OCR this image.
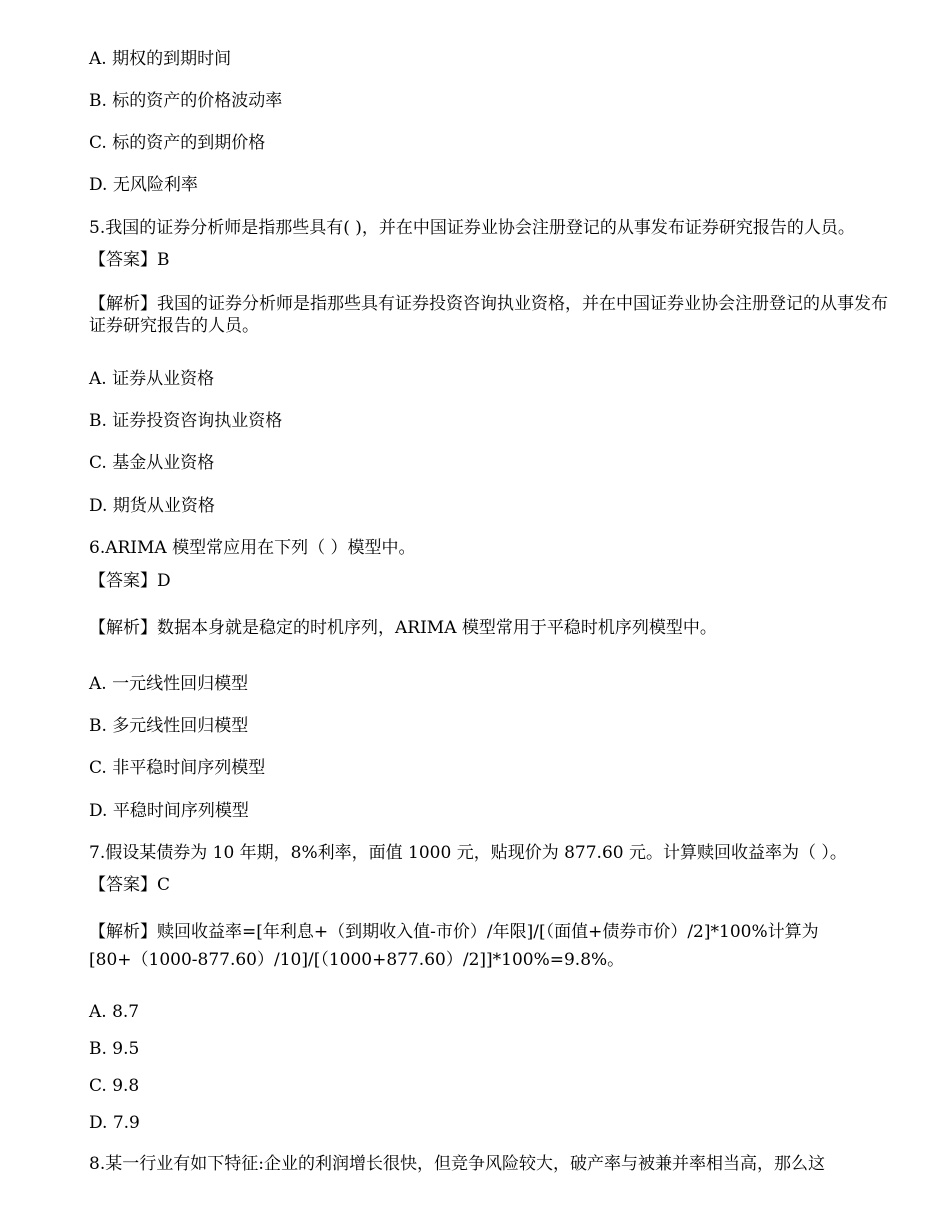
A. 期权的到期时间
B. 标的资产的价格波动率
C. 标的资产的到期价格
D. 无风险利率
5.我国的证券分析师是指那些具有( )，并在中国证券业协会注册登记的从事发布证券研究报告的人员。
【答案】B
【解析】我国的证券分析师是指那些具有证券投资咨询执业资格，并在中国证券业协会注册登记的从事发布证券研究报告的人员。
A. 证券从业资格
B. 证券投资咨询执业资格
C. 基金从业资格
D. 期货从业资格
6.ARIMA 模型常应用在下列（ ）模型中。
【答案】D
【解析】数据本身就是稳定的时机序列，ARIMA 模型常用于平稳时机序列模型中。
A. 一元线性回归模型
B. 多元线性回归模型
C. 非平稳时间序列模型
D. 平稳时间序列模型
7.假设某债券为 10 年期，8%利率，面值 1000 元，贴现价为 877.60 元。计算赎回收益率为（ ）。
【答案】C
【解析】赎回收益率=[年利息+（到期收入值-市价）/年限]/[（面值+债券市价）/2]*100%计算为
[80+（1000-877.60）/10]/[（1000+877.60）/2]]*100%=9.8%。
A. 8.7
B. 9.5
C. 9.8
D. 7.9
8.某一行业有如下特征:企业的利润增长很快，但竞争风险较大，破产率与被兼并率相当高，那么这
